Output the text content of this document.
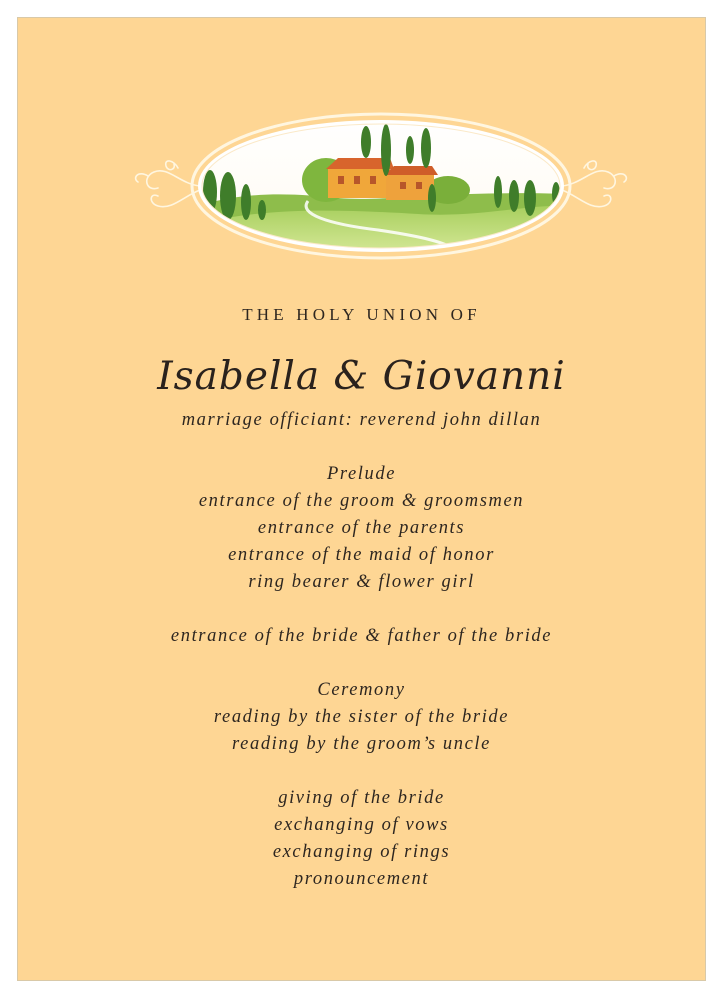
THE HOLY UNION OF
Isabella & Giovanni
marriage officiant: reverend john dillan
Prelude
entrance of the groom & groomsmen
entrance of the parents
entrance of the maid of honor
ring bearer & flower girl
entrance of the bride & father of the bride
Ceremony
reading by the sister of the bride
reading by the groom’s uncle
giving of the bride
exchanging of vows
exchanging of rings
pronouncement
